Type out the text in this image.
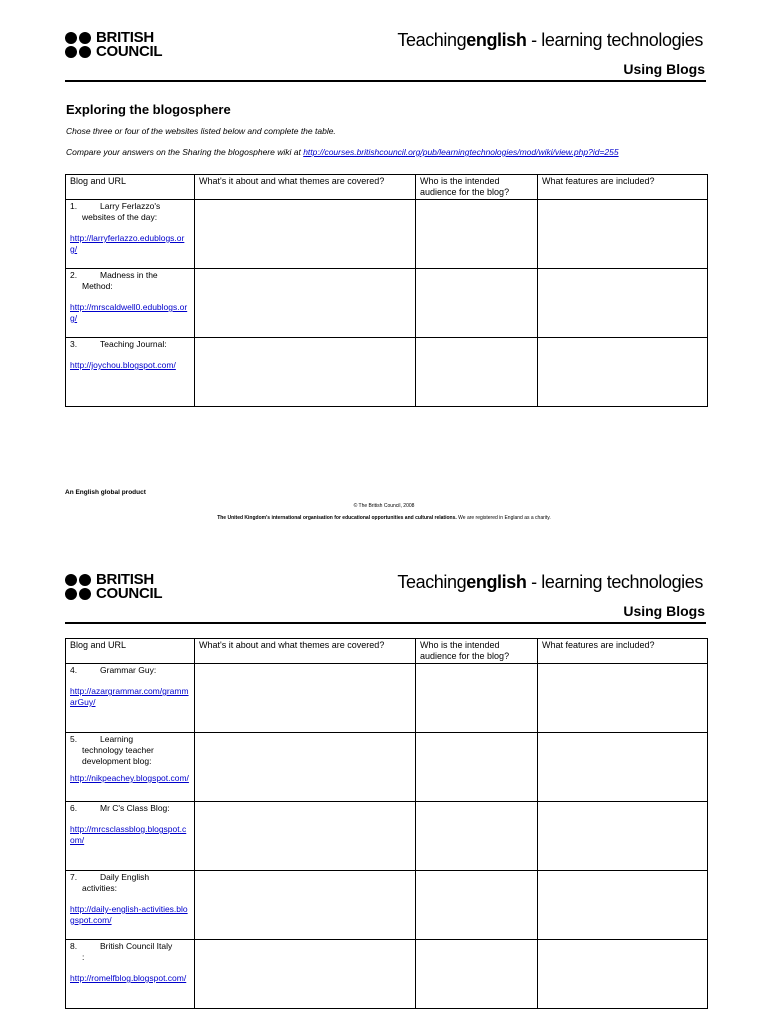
BRITISH
COUNCIL
Teachingenglish - learning technologies
Using Blogs
Exploring the blogosphere
Chose three or four of the websites listed below and complete the table.
Compare your answers on the Sharing the blogosphere wiki at http://courses.britishcouncil.org/pub/learningtechnologies/mod/wiki/view.php?id=255
Blog and URL	What's it about and what themes are covered?	Who is the intended audience for the blog?	What features are included?

1. Larry Ferlazzo's
websites of the day:
http://larryferlazzo.edublogs.org/			

2. Madness in the
Method:
http://mrscaldwell0.edublogs.org/			

3. Teaching Journal:
http://joychou.blogspot.com/			

An English global product
© The British Council, 2008
The United Kingdom's international organisation for educational opportunities and cultural relations. We are registered in England as a charity.
BRITISH
COUNCIL
Teachingenglish - learning technologies
Using Blogs
Blog and URL	What's it about and what themes are covered?	Who is the intended audience for the blog?	What features are included?

4. Grammar Guy:
http://azargrammar.com/grammarGuy/			

5. Learning
technology teacher development blog:
http://nikpeachey.blogspot.com/			

6. Mr C's Class Blog:
http://mrcsclassblog.blogspot.com/			

7. Daily English
activities:
http://daily-english-activities.blogspot.com/			

8. British Council Italy
:
http://romelfblog.blogspot.com/			
